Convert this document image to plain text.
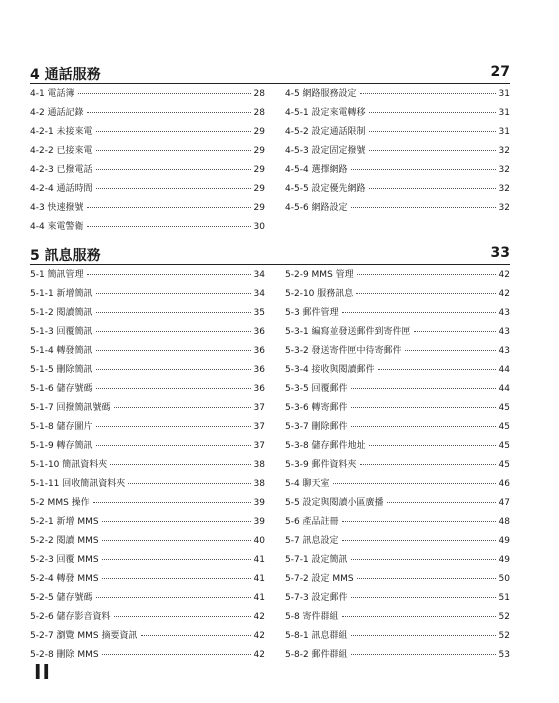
4 通話服務	27
4-1 電話簿	28
4-2 通話記錄	28
4-2-1 未接來電	29
4-2-2 已接來電	29
4-2-3 已撥電話	29
4-2-4 通話時間	29
4-3 快速撥號	29
4-4 來電警衛	30
4-5 網路服務設定	31
4-5-1 設定來電轉移	31
4-5-2 設定通話限制	31
4-5-3 設定固定撥號	32
4-5-4 選擇網路	32
4-5-5 設定優先網路	32
4-5-6 網路設定	32
5 訊息服務	33
5-1 簡訊管理	34
5-1-1 新增簡訊	34
5-1-2 閱讀簡訊	35
5-1-3 回覆簡訊	36
5-1-4 轉發簡訊	36
5-1-5 刪除簡訊	36
5-1-6 儲存號碼	36
5-1-7 回撥簡訊號碼	37
5-1-8 儲存圖片	37
5-1-9 轉存簡訊	37
5-1-10 簡訊資料夾	38
5-1-11 回收簡訊資料夾	38
5-2 MMS 操作	39
5-2-1 新增 MMS	39
5-2-2 閱讀 MMS	40
5-2-3 回覆 MMS	41
5-2-4 轉發 MMS	41
5-2-5 儲存號碼	41
5-2-6 儲存影音資料	42
5-2-7 瀏覽 MMS 摘要資訊	42
5-2-8 刪除 MMS	42
5-2-9 MMS 管理	42
5-2-10 服務訊息	42
5-3 郵件管理	43
5-3-1 編寫並發送郵件到寄件匣	43
5-3-2 發送寄件匣中待寄郵件	43
5-3-4 接收與閱讀郵件	44
5-3-5 回覆郵件	44
5-3-6 轉寄郵件	45
5-3-7 刪除郵件	45
5-3-8 儲存郵件地址	45
5-3-9 郵件資料夾	45
5-4 聊天室	46
5-5 設定與閱讀小區廣播	47
5-6 產品註冊	48
5-7 訊息設定	49
5-7-1 設定簡訊	49
5-7-2 設定 MMS	50
5-7-3 設定郵件	51
5-8 寄件群組	52
5-8-1 訊息群組	52
5-8-2 郵件群組	53
II
